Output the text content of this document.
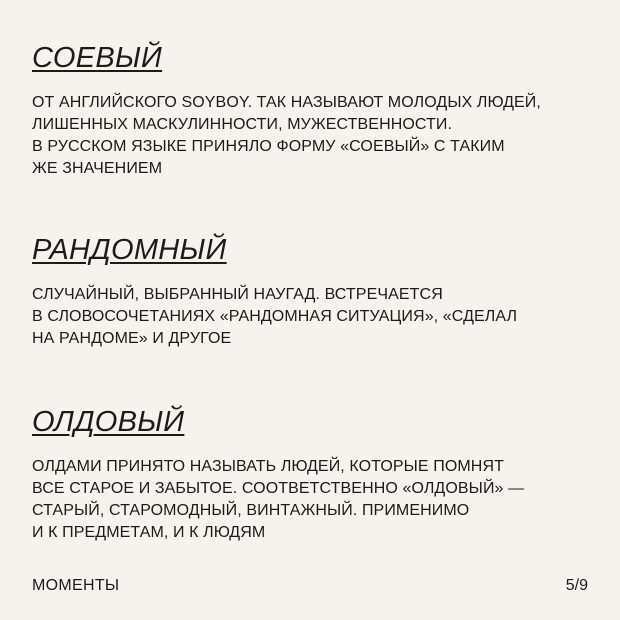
СОЕВЫЙ
ОТ АНГЛИЙСКОГО SOYBOY. ТАК НАЗЫВАЮТ МОЛОДЫХ ЛЮДЕЙ,
ЛИШЕННЫХ МАСКУЛИННОСТИ, МУЖЕСТВЕННОСТИ.
В РУССКОМ ЯЗЫКЕ ПРИНЯЛО ФОРМУ «СОЕВЫЙ» С ТАКИМ
ЖЕ ЗНАЧЕНИЕМ
РАНДОМНЫЙ
СЛУЧАЙНЫЙ, ВЫБРАННЫЙ НАУГАД. ВСТРЕЧАЕТСЯ
В СЛОВОСОЧЕТАНИЯХ «РАНДОМНАЯ СИТУАЦИЯ», «СДЕЛАЛ
НА РАНДОМЕ» И ДРУГОЕ
ОЛДОВЫЙ
ОЛДАМИ ПРИНЯТО НАЗЫВАТЬ ЛЮДЕЙ, КОТОРЫЕ ПОМНЯТ
ВСЕ СТАРОЕ И ЗАБЫТОЕ. СООТВЕТСТВЕННО «ОЛДОВЫЙ» —
СТАРЫЙ, СТАРОМОДНЫЙ, ВИНТАЖНЫЙ. ПРИМЕНИМО
И К ПРЕДМЕТАМ, И К ЛЮДЯМ
МОМЕНТЫ	5/9
